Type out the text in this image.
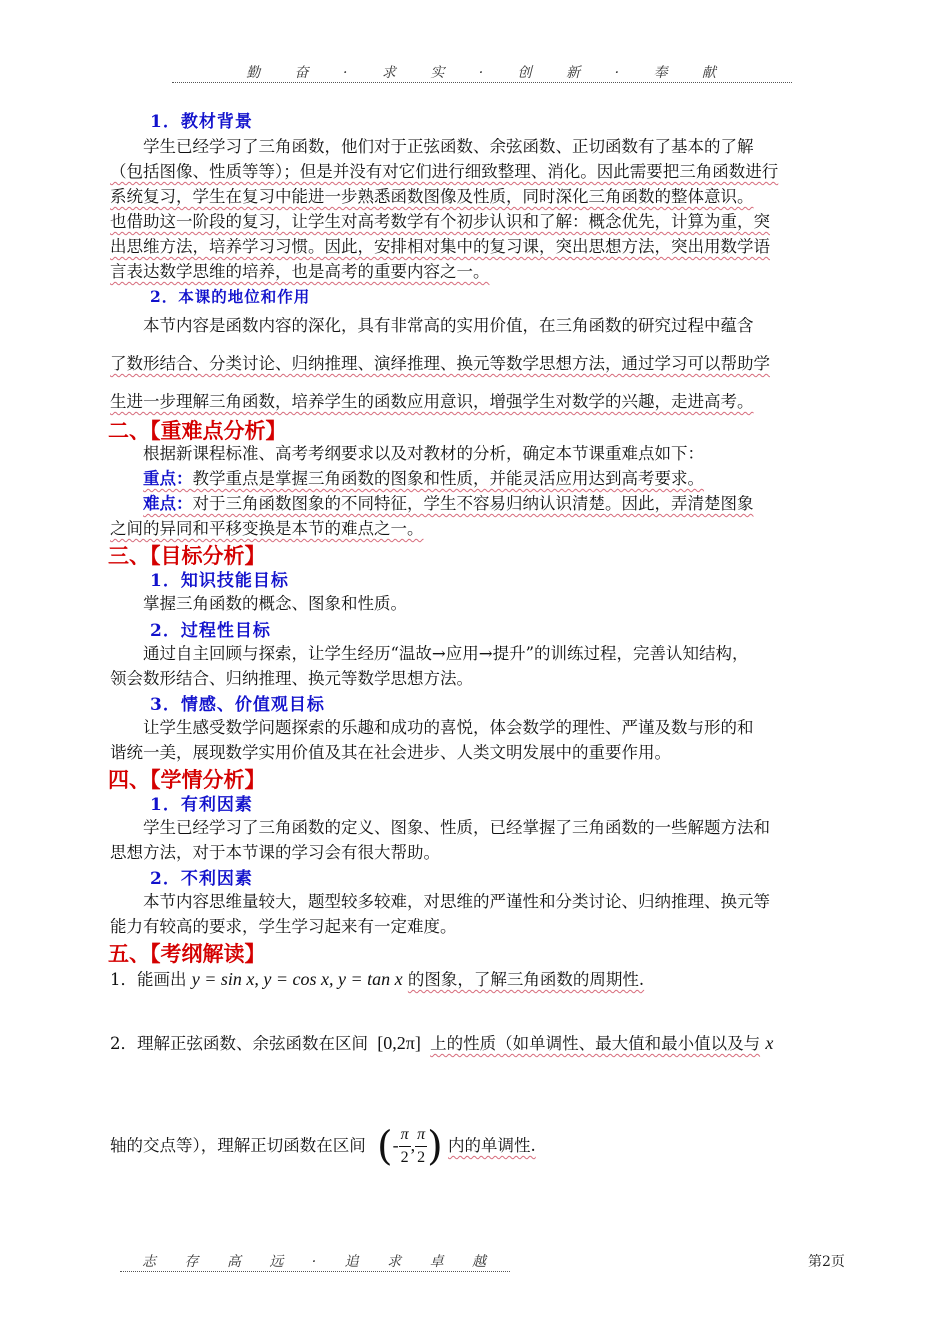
勤 奋 · 求 实 · 创 新 · 奉 献
1．教材背景
学生已经学习了三角函数，他们对于正弦函数、余弦函数、正切函数有了基本的了解
（包括图像、性质等等）；但是并没有对它们进行细致整理、消化。因此需要把三角函数进行
系统复习，学生在复习中能进一步熟悉函数图像及性质，同时深化三角函数的整体意识。
也借助这一阶段的复习，让学生对高考数学有个初步认识和了解：概念优先，计算为重，突
出思维方法，培养学习习惯。因此，安排相对集中的复习课，突出思想方法，突出用数学语
言表达数学思维的培养，也是高考的重要内容之一。
2．本课的地位和作用
本节内容是函数内容的深化，具有非常高的实用价值，在三角函数的研究过程中蕴含
了数形结合、分类讨论、归纳推理、演绎推理、换元等数学思想方法，通过学习可以帮助学
生进一步理解三角函数，培养学生的函数应用意识，增强学生对数学的兴趣，走进高考。
二、【重难点分析】
根据新课程标准、高考考纲要求以及对教材的分析，确定本节课重难点如下：
重点：教学重点是掌握三角函数的图象和性质，并能灵活应用达到高考要求。
难点：对于三角函数图象的不同特征，学生不容易归纳认识清楚。因此，弄清楚图象
之间的异同和平移变换是本节的难点之一。
三、【目标分析】
1．知识技能目标
掌握三角函数的概念、图象和性质。
2．过程性目标
通过自主回顾与探索，让学生经历“温故→应用→提升”的训练过程，完善认知结构，
领会数形结合、归纳推理、换元等数学思想方法。
3．情感、价值观目标
让学生感受数学问题探索的乐趣和成功的喜悦，体会数学的理性、严谨及数与形的和
谐统一美，展现数学实用价值及其在社会进步、人类文明发展中的重要作用。
四、【学情分析】
1．有利因素
学生已经学习了三角函数的定义、图象、性质，已经掌握了三角函数的一些解题方法和
思想方法，对于本节课的学习会有很大帮助。
2．不利因素
本节内容思维量较大，题型较多较难，对思维的严谨性和分类讨论、归纳推理、换元等
能力有较高的要求，学生学习起来有一定难度。
五、【考纲解读】
1．能画出 y = sin x, y = cos x, y = tan x 的图象，了解三角函数的周期性.
2．理解正弦函数、余弦函数在区间 [0,2π] 上的性质（如单调性、最大值和最小值以及与 x
轴的交点等），理解正切函数在区间 (- $\frac{\pi}{2}$ , $\frac{\pi}{2}$ ) 内的单调性.
志 存 高 远 · 追 求 卓 越	第2页
